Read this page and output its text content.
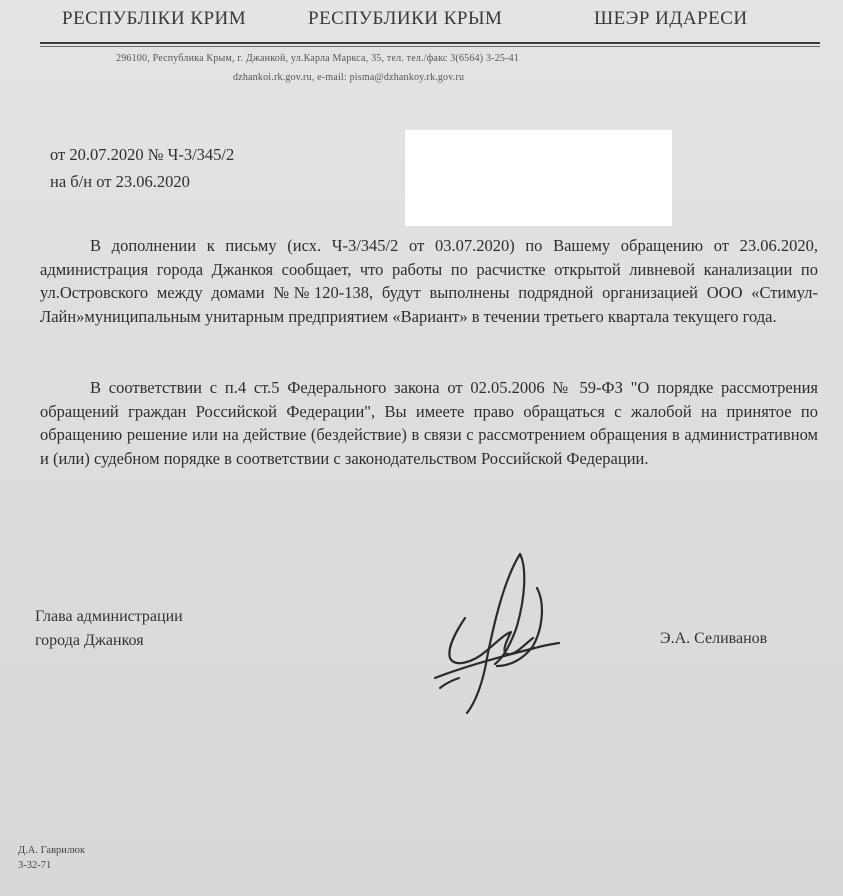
РЕСПУБЛІКИ КРИМ	РЕСПУБЛИКИ КРЫМ	ШЕЭР ИДАРЕСИ
296100, Республика Крым, г. Джанкой, ул.Карла Маркса, 35, тел. тел./факс 3(6564) 3-25-41
dzhankoi.rk.gov.ru, e-mail: pisma@dzhankoy.rk.gov.ru
от 20.07.2020 № Ч-3/345/2
на б/н от 23.06.2020
В дополнении к письму (исх. Ч-3/345/2 от 03.07.2020) по Вашему обращению от 23.06.2020, администрация города Джанкоя сообщает, что работы по расчистке открытой ливневой канализации по ул.Островского между домами №№120-138, будут выполнены подрядной организацией ООО «Стимул-Лайн»муниципальным унитарным предприятием «Вариант» в течении третьего квартала текущего года.
В соответствии с п.4 ст.5 Федерального закона от 02.05.2006 № 59-ФЗ "О порядке рассмотрения обращений граждан Российской Федерации", Вы имеете право обращаться с жалобой на принятое по обращению решение или на действие (бездействие) в связи с рассмотрением обращения в административном и (или) судебном порядке в соответствии с законодательством Российской Федерации.
Глава администрации
города Джанкоя	Э.А. Селиванов
Д.А. Гаврилюк
3-32-71
